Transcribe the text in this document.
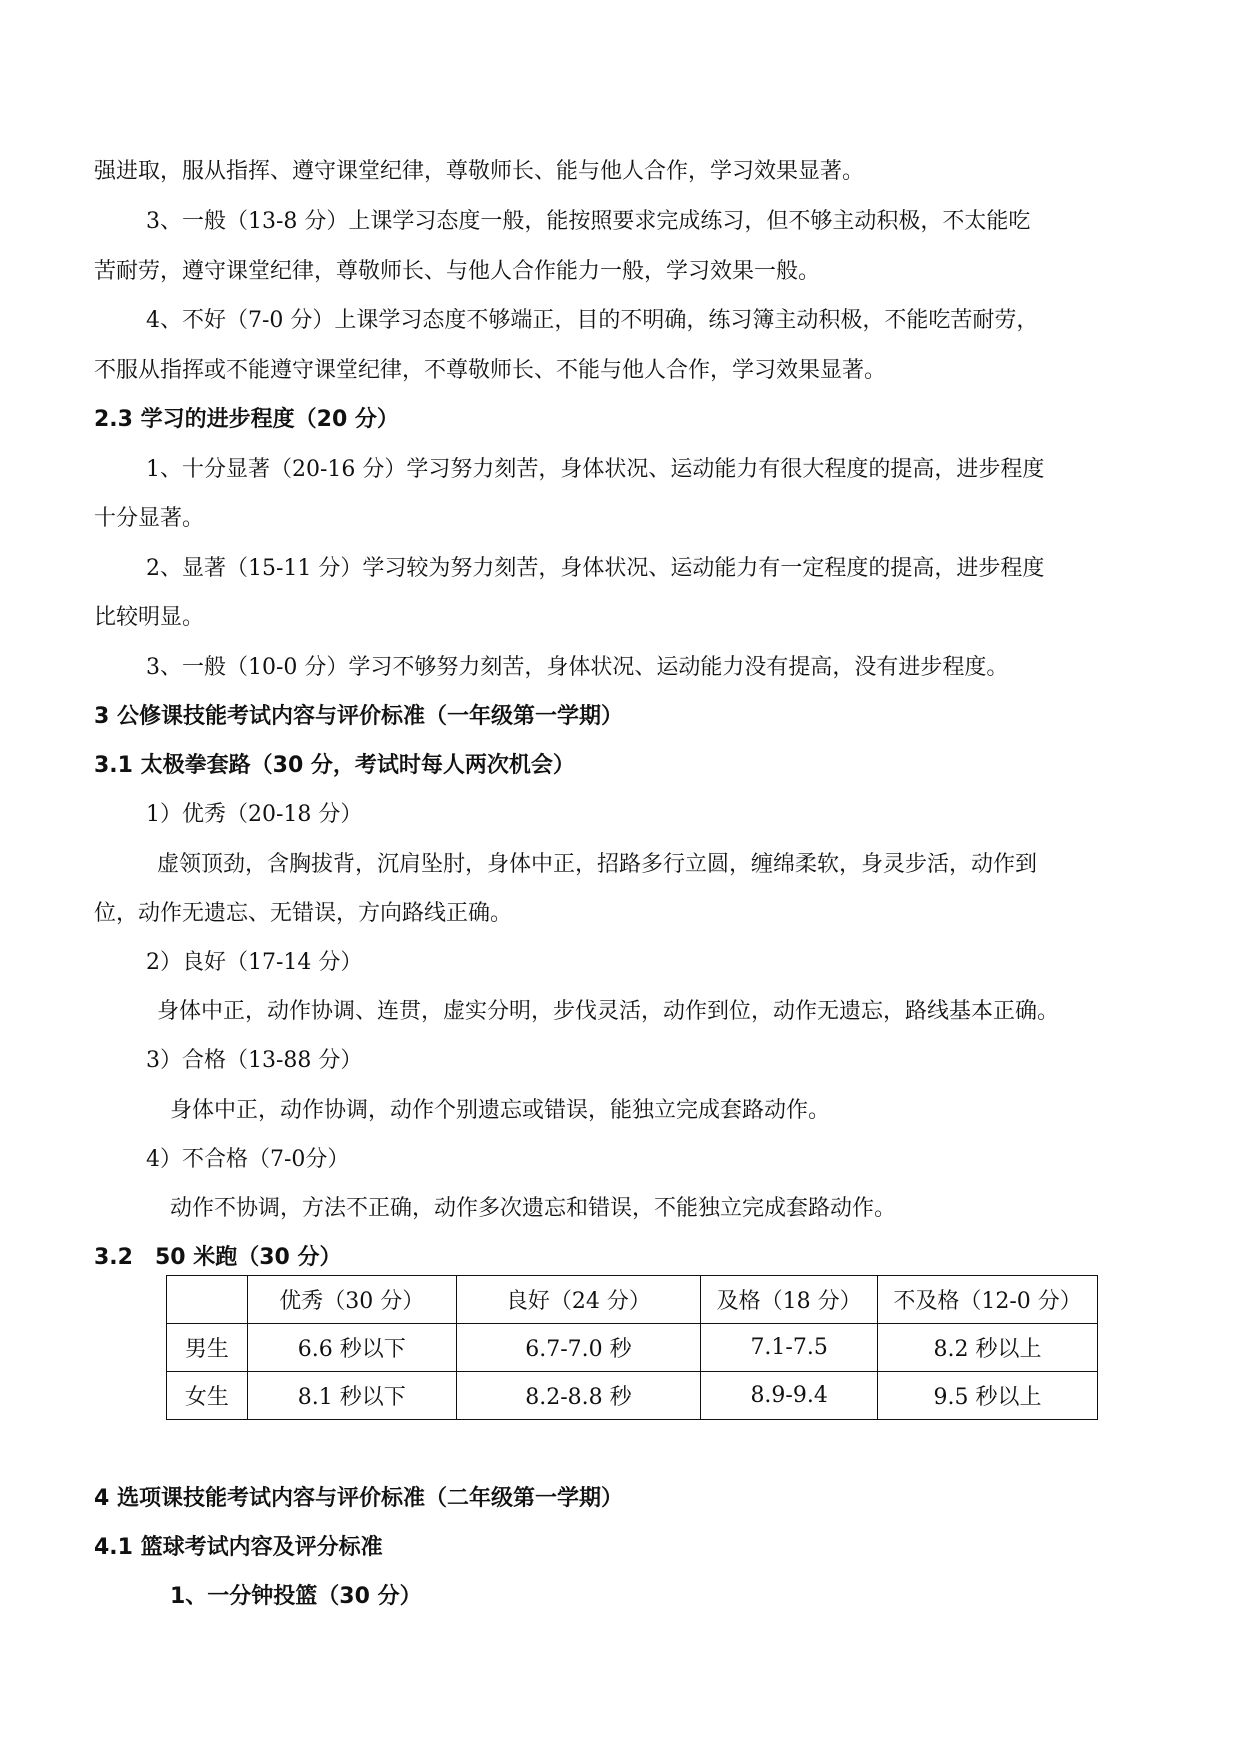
强进取，服从指挥、遵守课堂纪律，尊敬师长、能与他人合作，学习效果显著。
3、一般（13-8 分）上课学习态度一般，能按照要求完成练习，但不够主动积极，不太能吃
苦耐劳，遵守课堂纪律，尊敬师长、与他人合作能力一般，学习效果一般。
4、不好（7-0 分）上课学习态度不够端正，目的不明确，练习簿主动积极，不能吃苦耐劳，
不服从指挥或不能遵守课堂纪律，不尊敬师长、不能与他人合作，学习效果显著。
2.3 学习的进步程度（20 分）
1、十分显著（20-16 分）学习努力刻苦，身体状况、运动能力有很大程度的提高，进步程度
十分显著。
2、显著（15-11 分）学习较为努力刻苦，身体状况、运动能力有一定程度的提高，进步程度
比较明显。
3、一般（10-0 分）学习不够努力刻苦，身体状况、运动能力没有提高，没有进步程度。
3 公修课技能考试内容与评价标准（一年级第一学期）
3.1 太极拳套路（30 分，考试时每人两次机会）
1）优秀（20-18 分）
虚领顶劲，含胸拔背，沉肩坠肘，身体中正，招路多行立圆，缠绵柔软，身灵步活，动作到
位，动作无遗忘、无错误，方向路线正确。
2）良好（17-14 分）
身体中正，动作协调、连贯，虚实分明，步伐灵活，动作到位，动作无遗忘，路线基本正确。
3）合格（13-88 分）
身体中正，动作协调，动作个别遗忘或错误，能独立完成套路动作。
4）不合格（7-0分）
动作不协调，方法不正确，动作多次遗忘和错误，不能独立完成套路动作。
3.2　50 米跑（30 分）
	优秀（30 分）	良好（24 分）	及格（18 分）	不及格（12-0 分）
男生	6.6 秒以下	6.7-7.0 秒	7.1-7.5	8.2 秒以上
女生	8.1 秒以下	8.2-8.8 秒	8.9-9.4	9.5 秒以上
4 选项课技能考试内容与评价标准（二年级第一学期）
4.1 篮球考试内容及评分标准
1、一分钟投篮（30 分）
